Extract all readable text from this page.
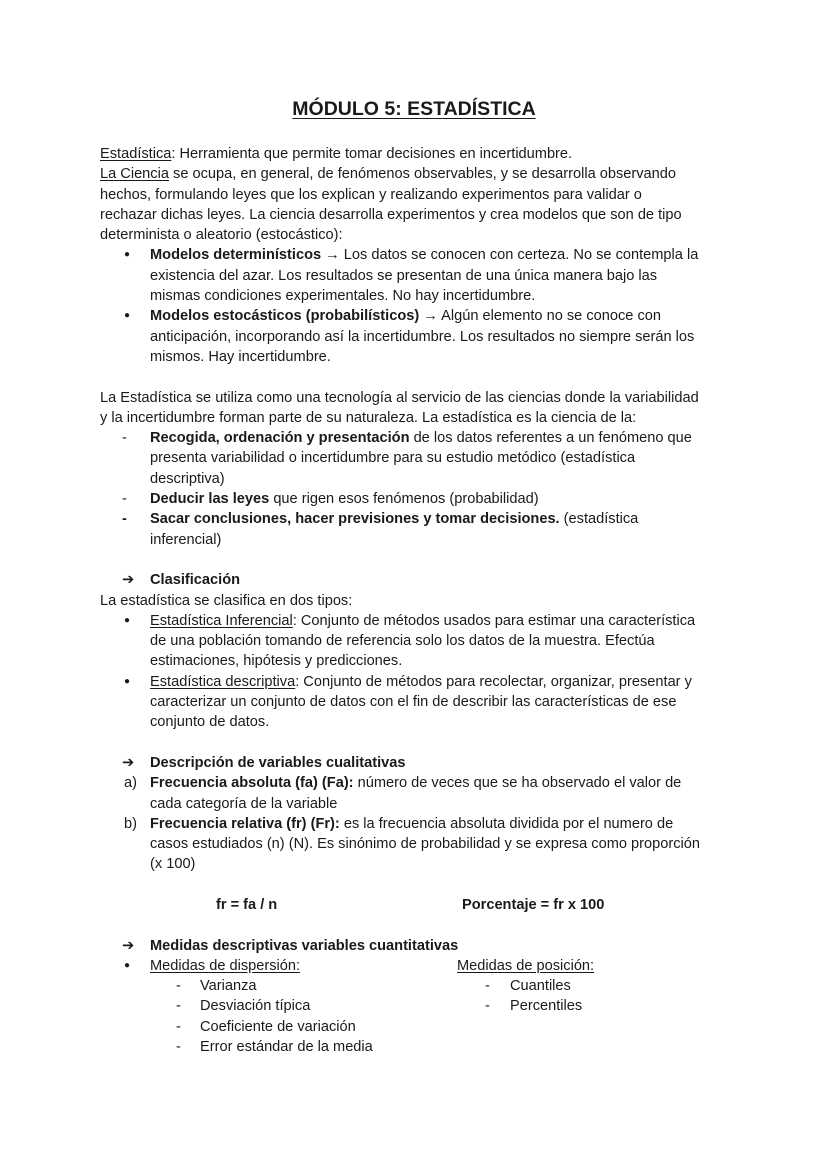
MÓDULO 5: ESTADÍSTICA

Estadística: Herramienta que permite tomar decisiones en incertidumbre.

La Ciencia se ocupa, en general, de fenómenos observables, y se desarrolla observando

hechos, formulando leyes que los explican y realizando experimentos para validar o

rechazar dichas leyes. La ciencia desarrolla experimentos y crea modelos que son de tipo

determinista o aleatorio (estocástico):

● Modelos determinísticos → Los datos se conocen con certeza. No se contempla la

existencia del azar. Los resultados se presentan de una única manera bajo las

mismas condiciones experimentales. No hay incertidumbre.

● Modelos estocásticos (probabilísticos) → Algún elemento no se conoce con

anticipación, incorporando así la incertidumbre. Los resultados no siempre serán los

mismos. Hay incertidumbre.

La Estadística se utiliza como una tecnología al servicio de las ciencias donde la variabilidad

y la incertidumbre forman parte de su naturaleza. La estadística es la ciencia de la:

- Recogida, ordenación y presentación de los datos referentes a un fenómeno que

presenta variabilidad o incertidumbre para su estudio metódico (estadística

descriptiva)

- Deducir las leyes que rigen esos fenómenos (probabilidad)

- Sacar conclusiones, hacer previsiones y tomar decisiones. (estadística

inferencial)

➔ Clasificación

La estadística se clasifica en dos tipos:

● Estadística Inferencial: Conjunto de métodos usados para estimar una característica

de una población tomando de referencia solo los datos de la muestra. Efectúa

estimaciones, hipótesis y predicciones.

● Estadística descriptiva: Conjunto de métodos para recolectar, organizar, presentar y

caracterizar un conjunto de datos con el fin de describir las características de ese

conjunto de datos.

➔ Descripción de variables cualitativas

a) Frecuencia absoluta (fa) (Fa): número de veces que se ha observado el valor de

cada categoría de la variable

b) Frecuencia relativa (fr) (Fr): es la frecuencia absoluta dividida por el numero de

casos estudiados (n) (N). Es sinónimo de probabilidad y se expresa como proporción

(x 100)

fr = fa / n	Porcentaje = fr x 100
➔ Medidas descriptivas variables cuantitativas

● Medidas de dispersión:	Medidas de posición:
- Varianza

- Desviación típica

- Coeficiente de variación

- Error estándar de la media

- Cuantiles

- Percentiles
